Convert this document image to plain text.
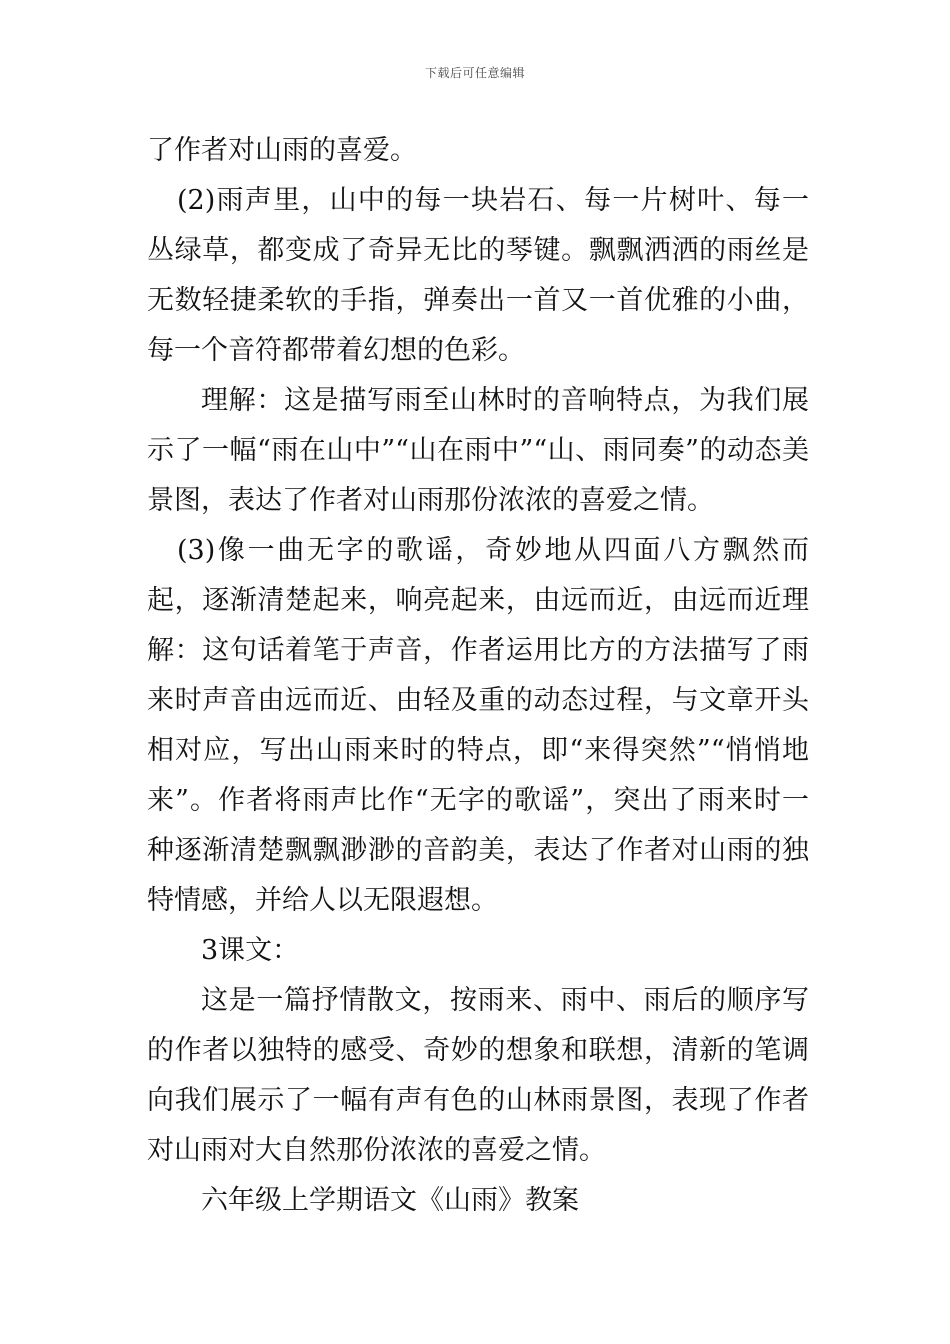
下载后可任意编辑

了作者对山雨的喜爱。

(2)雨声里，山中的每一块岩石、每一片树叶、每一丛绿草，都变成了奇异无比的琴键。飘飘洒洒的雨丝是无数轻捷柔软的手指，弹奏出一首又一首优雅的小曲，每一个音符都带着幻想的色彩。

理解：这是描写雨至山林时的音响特点，为我们展示了一幅“雨在山中”“山在雨中”“山、雨同奏”的动态美景图，表达了作者对山雨那份浓浓的喜爱之情。

(3)像一曲无字的歌谣，奇妙地从四面八方飘然而起，逐渐清楚起来，响亮起来，由远而近，由远而近理解：这句话着笔于声音，作者运用比方的方法描写了雨来时声音由远而近、由轻及重的动态过程，与文章开头相对应，写出山雨来时的特点，即“来得突然”“悄悄地来”。作者将雨声比作“无字的歌谣”，突出了雨来时一种逐渐清楚飘飘渺渺的音韵美，表达了作者对山雨的独特情感，并给人以无限遐想。

3课文：

这是一篇抒情散文，按雨来、雨中、雨后的顺序写的作者以独特的感受、奇妙的想象和联想，清新的笔调向我们展示了一幅有声有色的山林雨景图，表现了作者对山雨对大自然那份浓浓的喜爱之情。

六年级上学期语文《山雨》教案
